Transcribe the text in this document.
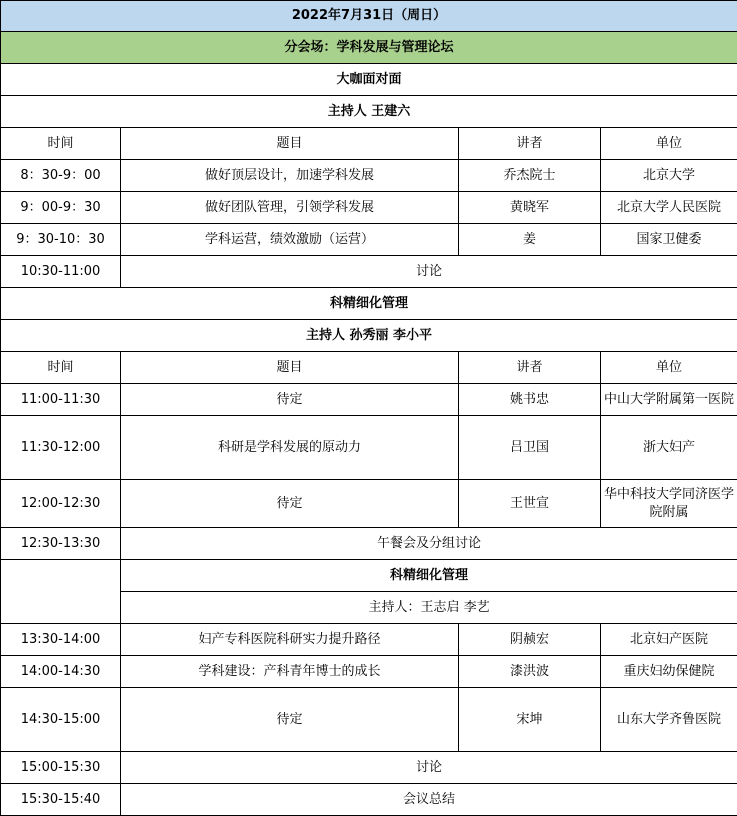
2022年7月31日（周日）			
分会场：学科发展与管理论坛			
大咖面对面			
主持人 王建六			
时间	题目	讲者	单位
8：30-9：00	做好顶层设计，加速学科发展	乔杰院士	北京大学
9：00-9：30	做好团队管理，引领学科发展	黄晓军	北京大学人民医院
9：30-10：30	学科运营，绩效激励（运营）	姜	国家卫健委
10:30-11:00	讨论		
科精细化管理			
主持人 孙秀丽 李小平			
时间	题目	讲者	单位
11:00-11:30	待定	姚书忠	中山大学附属第一医院
11:30-12:00	科研是学科发展的原动力	吕卫国	浙大妇产
12:00-12:30	待定	王世宣	华中科技大学同济医学院附属
12:30-13:30	午餐会及分组讨论		
	科精细化管理		
	主持人：王志启 李艺		
13:30-14:00	妇产专科医院科研实力提升路径	阴赪宏	北京妇产医院
14:00-14:30	学科建设：产科青年博士的成长	漆洪波	重庆妇幼保健院
14:30-15:00	待定	宋坤	山东大学齐鲁医院
15:00-15:30	讨论		
15:30-15:40	会议总结		
